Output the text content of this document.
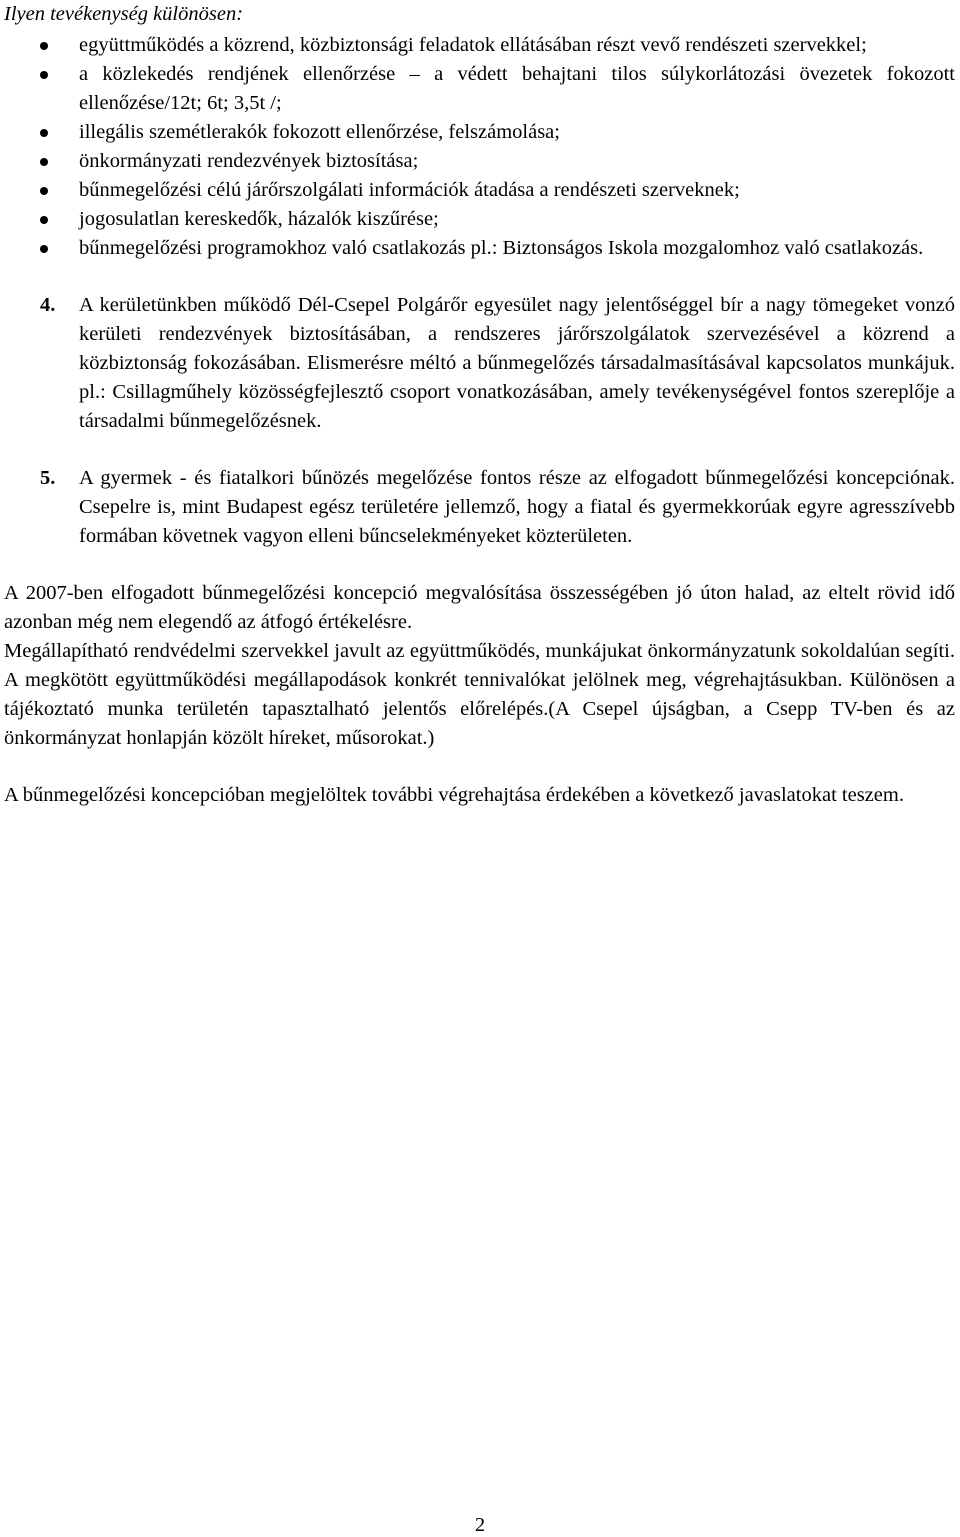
Ilyen tevékenység különösen:

együttműködés a közrend, közbiztonsági feladatok ellátásában részt vevő rendészeti szervekkel;
a közlekedés rendjének ellenőrzése – a védett behajtani tilos súlykorlátozási övezetek fokozott ellenőzése/12t; 6t; 3,5t /;
illegális szemétlerakók fokozott ellenőrzése, felszámolása;
önkormányzati rendezvények biztosítása;
bűnmegelőzési célú járőrszolgálati információk átadása a rendészeti szerveknek;
jogosulatlan kereskedők, házalók kiszűrése;
bűnmegelőzési programokhoz való csatlakozás pl.: Biztonságos Iskola mozgalomhoz való csatlakozás.
4. A kerületünkben működő Dél-Csepel Polgárőr egyesület nagy jelentőséggel bír a nagy tömegeket vonzó kerületi rendezvények biztosításában, a rendszeres járőrszolgálatok szervezésével a közrend a közbiztonság fokozásában. Elismerésre méltó a bűnmegelőzés társadalmasításával kapcsolatos munkájuk. pl.: Csillagműhely közösségfejlesztő csoport vonatkozásában, amely tevékenységével fontos szereplője a társadalmi bűnmegelőzésnek.
5. A gyermek - és fiatalkori bűnözés megelőzése fontos része az elfogadott bűnmegelőzési koncepciónak. Csepelre is, mint Budapest egész területére jellemző, hogy a fiatal és gyermekkorúak egyre agresszívebb formában követnek vagyon elleni bűncselekményeket közterületen.

A 2007-ben elfogadott bűnmegelőzési koncepció megvalósítása összességében jó úton halad, az eltelt rövid idő azonban még nem elegendő az átfogó értékelésre.

Megállapítható rendvédelmi szervekkel javult az együttműködés, munkájukat önkormányzatunk sokoldalúan segíti. A megkötött együttműködési megállapodások konkrét tennivalókat jelölnek meg, végrehajtásukban. Különösen a tájékoztató munka területén tapasztalható jelentős előrelépés.(A Csepel újságban, a Csepp TV-ben és az önkormányzat honlapján közölt híreket, műsorokat.)

A bűnmegelőzési koncepcióban megjelöltek további végrehajtása érdekében a következő javaslatokat teszem.

2
